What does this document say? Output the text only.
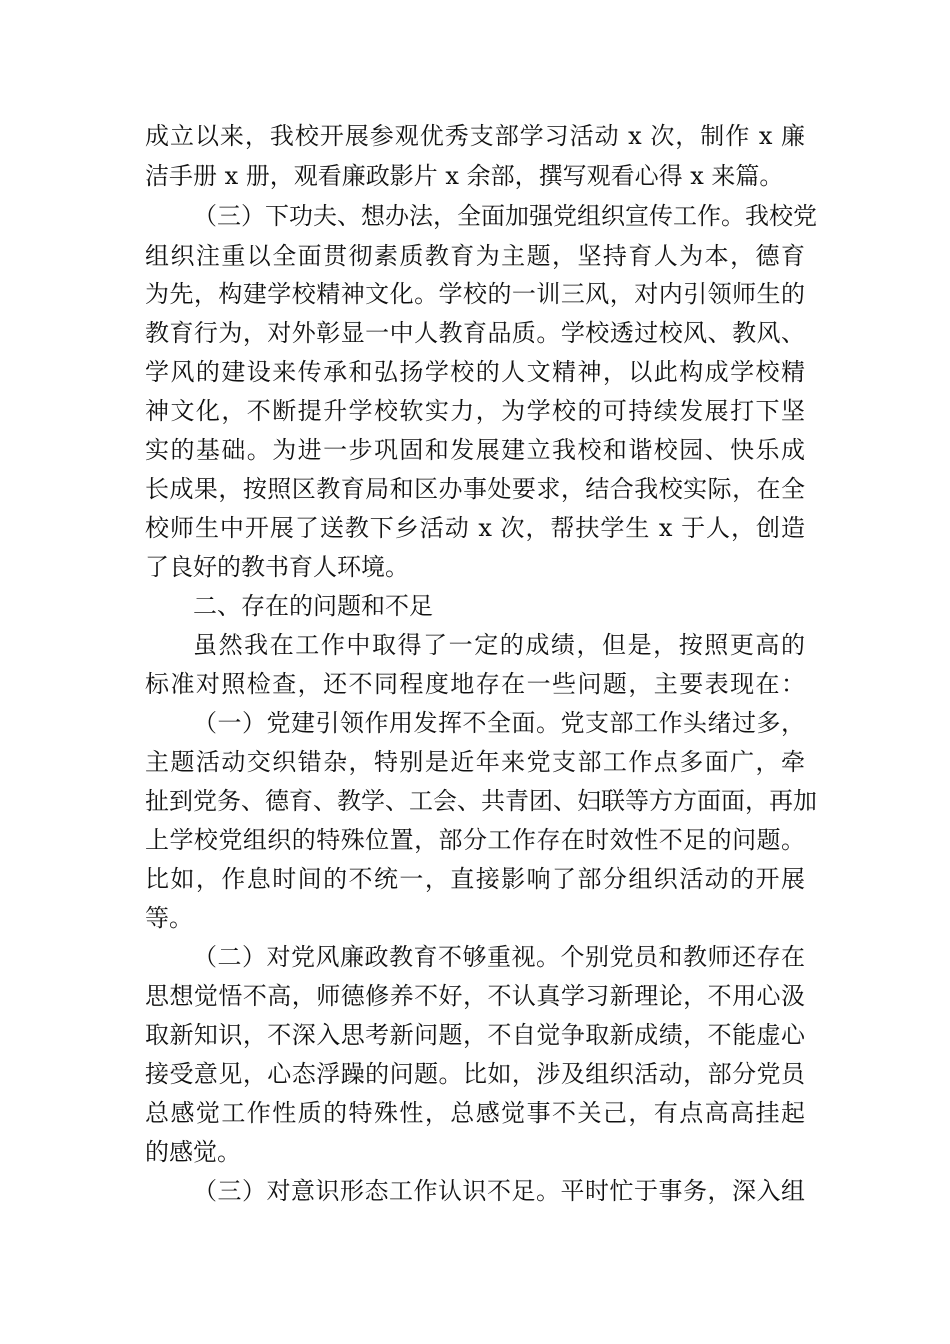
成立以来，我校开展参观优秀支部学习活动 x 次，制作 x 廉
洁手册 x 册，观看廉政影片 x 余部，撰写观看心得 x 来篇。
（三）下功夫、想办法，全面加强党组织宣传工作。我校党
组织注重以全面贯彻素质教育为主题，坚持育人为本，德育
为先，构建学校精神文化。学校的一训三风，对内引领师生的
教育行为，对外彰显一中人教育品质。学校透过校风、教风、
学风的建设来传承和弘扬学校的人文精神，以此构成学校精
神文化，不断提升学校软实力，为学校的可持续发展打下坚
实的基础。为进一步巩固和发展建立我校和谐校园、快乐成
长成果，按照区教育局和区办事处要求，结合我校实际，在全
校师生中开展了送教下乡活动 x 次，帮扶学生 x 于人，创造
了良好的教书育人环境。
二、存在的问题和不足
虽然我在工作中取得了一定的成绩，但是，按照更高的
标准对照检查，还不同程度地存在一些问题，主要表现在：
（一）党建引领作用发挥不全面。党支部工作头绪过多，
主题活动交织错杂，特别是近年来党支部工作点多面广，牵
扯到党务、德育、教学、工会、共青团、妇联等方方面面，再加
上学校党组织的特殊位置，部分工作存在时效性不足的问题。
比如，作息时间的不统一，直接影响了部分组织活动的开展
等。
（二）对党风廉政教育不够重视。个别党员和教师还存在
思想觉悟不高，师德修养不好，不认真学习新理论，不用心汲
取新知识，不深入思考新问题，不自觉争取新成绩，不能虚心
接受意见，心态浮躁的问题。比如，涉及组织活动，部分党员
总感觉工作性质的特殊性，总感觉事不关己，有点高高挂起
的感觉。
（三）对意识形态工作认识不足。平时忙于事务，深入组
